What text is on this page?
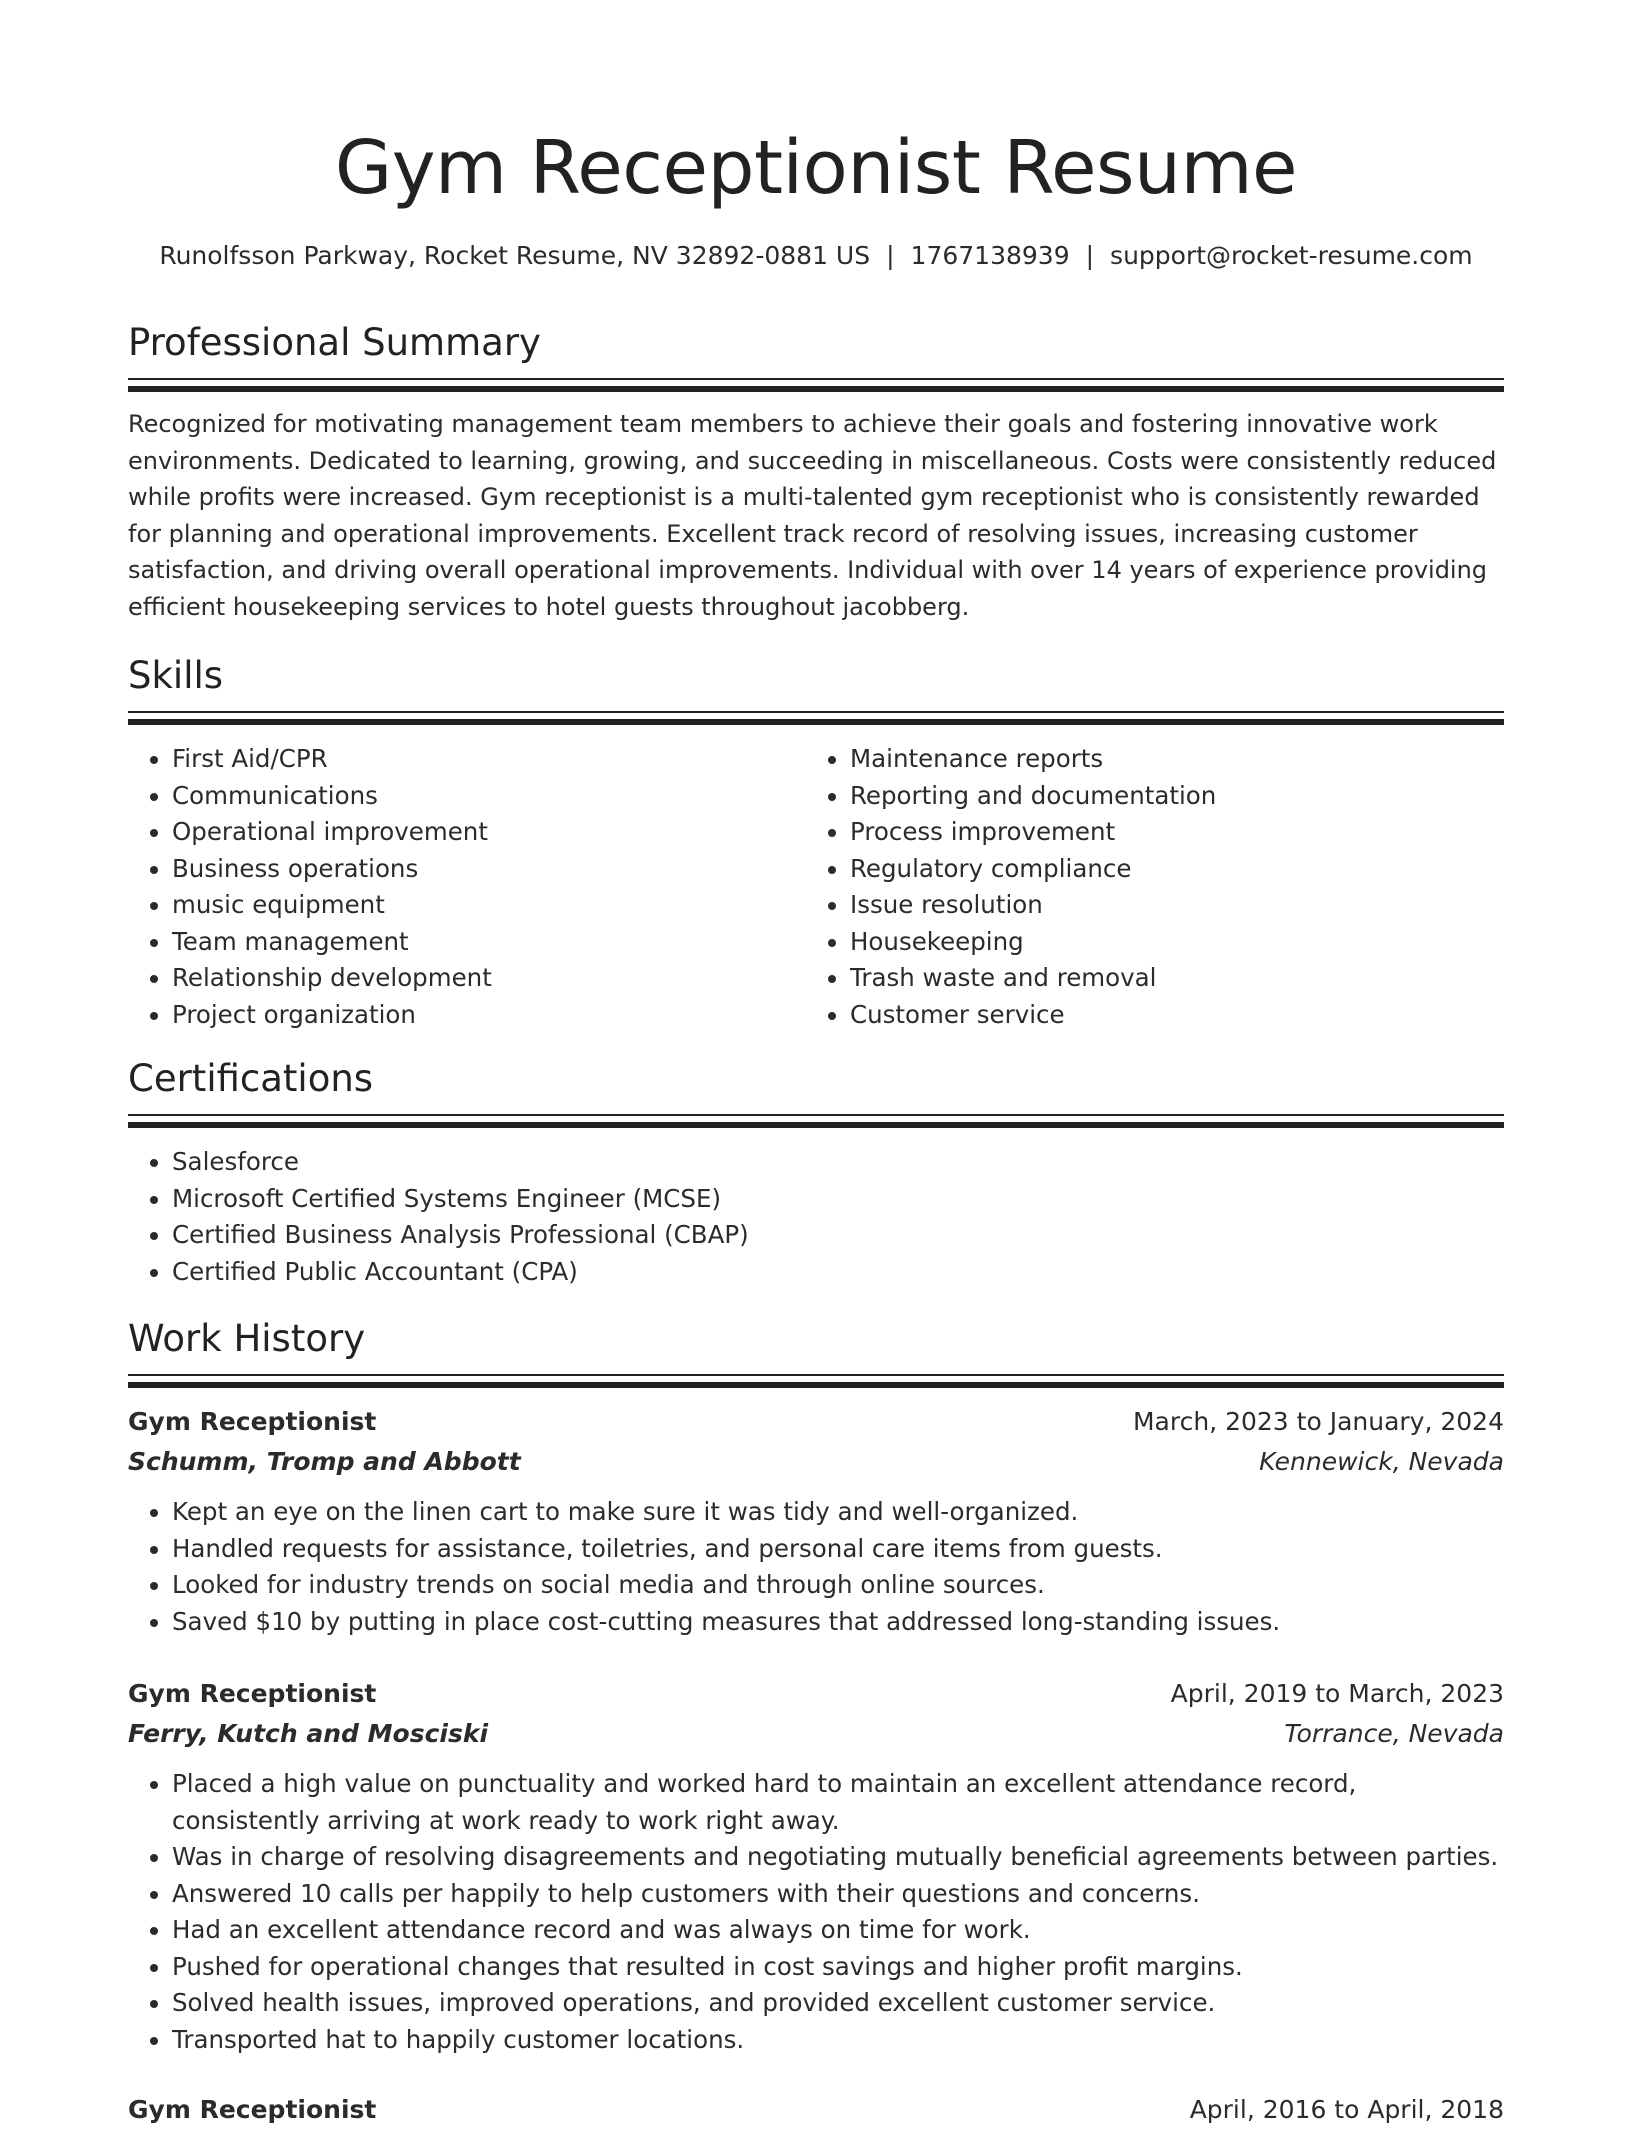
Gym Receptionist Resume
Runolfsson Parkway, Rocket Resume, NV 32892-0881 US | 1767138939 | support@rocket-resume.com
Professional Summary

Recognized for motivating management team members to achieve their goals and fostering innovative work environments. Dedicated to learning, growing, and succeeding in miscellaneous. Costs were consistently reduced while profits were increased. Gym receptionist is a multi-talented gym receptionist who is consistently rewarded for planning and operational improvements. Excellent track record of resolving issues, increasing customer satisfaction, and driving overall operational improvements. Individual with over 14 years of experience providing efficient housekeeping services to hotel guests throughout jacobberg.

Skills
• First Aid/CPR
• Communications
• Operational improvement
• Business operations
• music equipment
• Team management
• Relationship development
• Project organization
• Maintenance reports
• Reporting and documentation
• Process improvement
• Regulatory compliance
• Issue resolution
• Housekeeping
• Trash waste and removal
• Customer service
Certifications
• Salesforce
• Microsoft Certified Systems Engineer (MCSE)
• Certified Business Analysis Professional (CBAP)
• Certified Public Accountant (CPA)
Work History
Gym Receptionist	March, 2023 to January, 2024
Schumm, Tromp and Abbott	Kennewick, Nevada
• Kept an eye on the linen cart to make sure it was tidy and well-organized.
• Handled requests for assistance, toiletries, and personal care items from guests.
• Looked for industry trends on social media and through online sources.
• Saved $10 by putting in place cost-cutting measures that addressed long-standing issues.
Gym Receptionist	April, 2019 to March, 2023
Ferry, Kutch and Mosciski	Torrance, Nevada
• Placed a high value on punctuality and worked hard to maintain an excellent attendance record, consistently arriving at work ready to work right away.
• Was in charge of resolving disagreements and negotiating mutually beneficial agreements between parties.
• Answered 10 calls per happily to help customers with their questions and concerns.
• Had an excellent attendance record and was always on time for work.
• Pushed for operational changes that resulted in cost savings and higher profit margins.
• Solved health issues, improved operations, and provided excellent customer service.
• Transported hat to happily customer locations.
Gym Receptionist	April, 2016 to April, 2018
